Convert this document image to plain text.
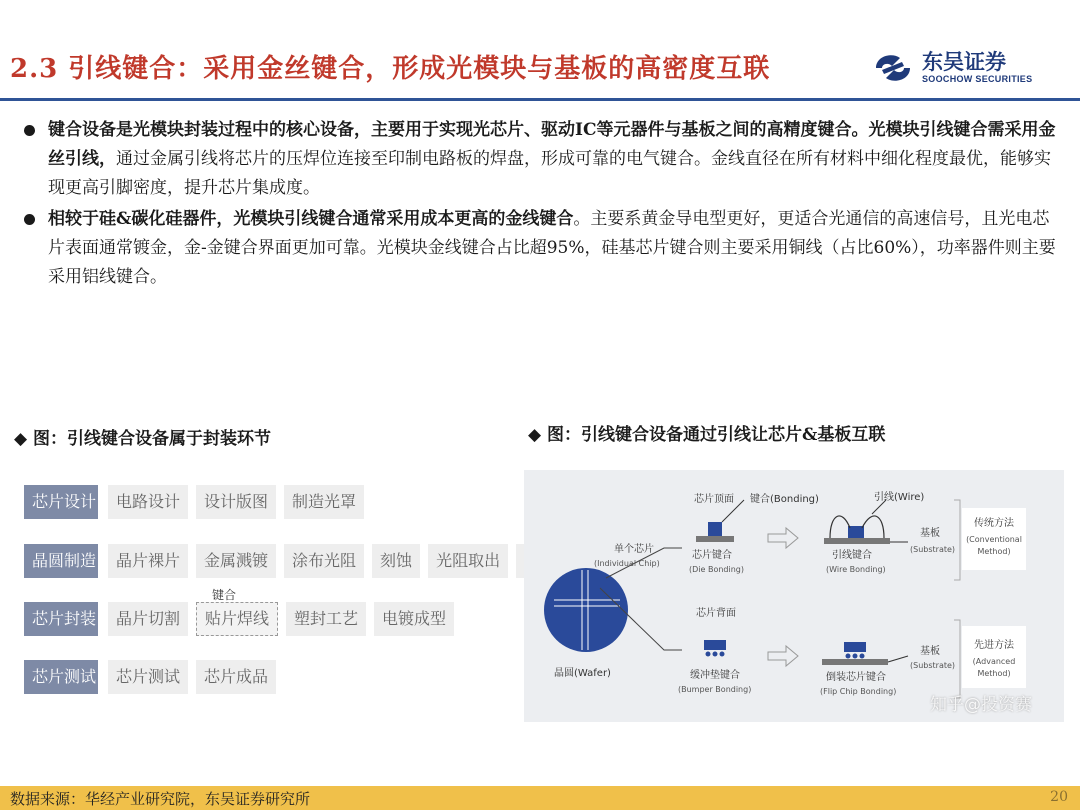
2.3 引线键合：采用金丝键合，形成光模块与基板的高密度互联	东吴证券
SOOCHOW SECURITIES
键合设备是光模块封装过程中的核心设备，主要用于实现光芯片、驱动IC等元器件与基板之间的高精度键合。光模块引线键合需采用金丝引线，通过金属引线将芯片的压焊位连接至印制电路板的焊盘，形成可靠的电气键合。金线直径在所有材料中细化程度最优，能够实现更高引脚密度，提升芯片集成度。
相较于硅&碳化硅器件，光模块引线键合通常采用成本更高的金线键合。主要系黄金导电型更好，更适合光通信的高速信号，且光电芯片表面通常镀金，金-金键合界面更加可靠。光模块金线键合占比超95%，硅基芯片键合则主要采用铜线（占比60%），功率器件则主要采用铝线键合。
◆ 图：引线键合设备属于封装环节	◆ 图：引线键合设备通过引线让芯片&基板互联
芯片设计	电路设计	设计版图	制造光罩
晶圆制造	晶片裸片	金属溅镀	涂布光阻	刻蚀	光阻取出
键合
芯片封装	晶片切割	贴片焊线	塑封工艺	电镀成型
芯片测试	芯片测试	芯片成品
单个芯片
(Individual Chip)
晶圆(Wafer)
芯片顶面 键合(Bonding)	引线(Wire)
芯片键合
(Die Bonding)
引线键合
(Wire Bonding)
基板
(Substrate)
传统方法
(Conventional
Method)
芯片背面
缓冲垫键合
(Bumper Bonding)
倒装芯片键合
(Flip Chip Bonding)
基板
(Substrate)
先进方法
(Advanced
Method)
知乎@投资赛
数据来源：华经产业研究院，东吴证券研究所	20
